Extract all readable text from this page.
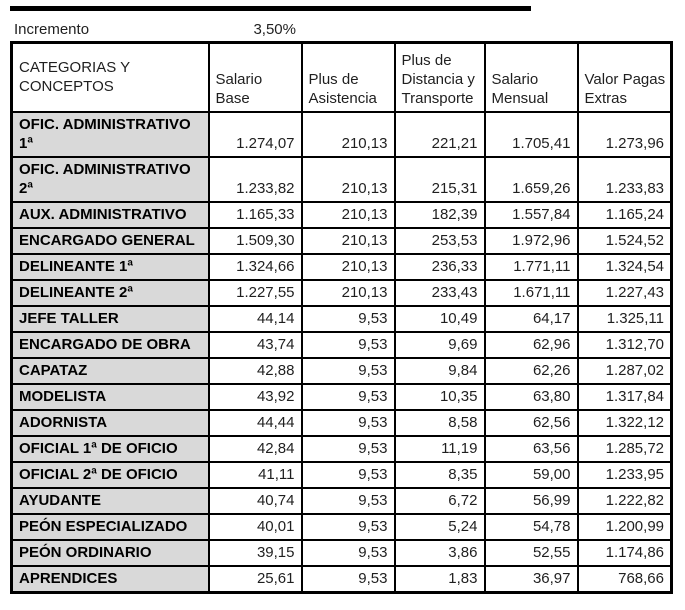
Incremento	3,50%
CATEGORIAS Y CONCEPTOS	Salario Base	Plus de Asistencia	Plus de Distancia y Transporte	Salario Mensual	Valor Pagas Extras

OFIC. ADMINISTRATIVO 1ª	1.274,07	210,13	221,21	1.705,41	1.273,96
OFIC. ADMINISTRATIVO 2ª	1.233,82	210,13	215,31	1.659,26	1.233,83
AUX. ADMINISTRATIVO	1.165,33	210,13	182,39	1.557,84	1.165,24
ENCARGADO GENERAL	1.509,30	210,13	253,53	1.972,96	1.524,52
DELINEANTE 1ª	1.324,66	210,13	236,33	1.771,11	1.324,54
DELINEANTE 2ª	1.227,55	210,13	233,43	1.671,11	1.227,43
JEFE TALLER	44,14	9,53	10,49	64,17	1.325,11
ENCARGADO DE OBRA	43,74	9,53	9,69	62,96	1.312,70
CAPATAZ	42,88	9,53	9,84	62,26	1.287,02
MODELISTA	43,92	9,53	10,35	63,80	1.317,84
ADORNISTA	44,44	9,53	8,58	62,56	1.322,12
OFICIAL 1ª DE OFICIO	42,84	9,53	11,19	63,56	1.285,72
OFICIAL 2ª DE OFICIO	41,11	9,53	8,35	59,00	1.233,95
AYUDANTE	40,74	9,53	6,72	56,99	1.222,82
PEÓN ESPECIALIZADO	40,01	9,53	5,24	54,78	1.200,99
PEÓN ORDINARIO	39,15	9,53	3,86	52,55	1.174,86
APRENDICES	25,61	9,53	1,83	36,97	768,66
